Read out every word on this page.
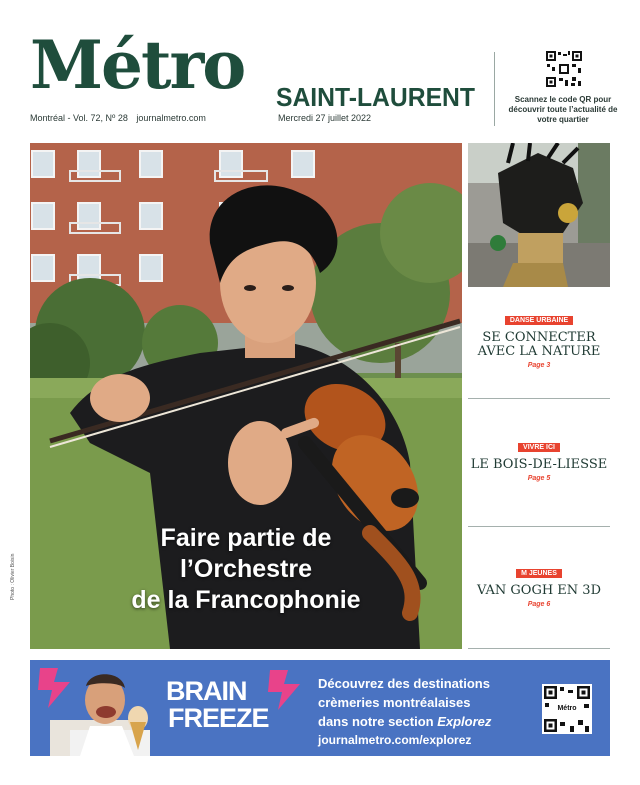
Métro SAINT-LAURENT
Montréal - Vol. 72, Nº 28 journalmetro.com	Mercredi 27 juillet 2022
Scannez le code QR pour découvrir toute l’actualité de votre quartier
Faire partie de
l’Orchestre
de la Francophonie
Photo : Olivier Boisin
DANSE URBAINE
SE CONNECTER AVEC LA NATURE
Page 3
VIVRE ICI
LE BOIS-DE-LIESSE
Page 5
M JEUNES
VAN GOGH EN 3D
Page 6
BRAIN
FREEZE
Découvrez des destinations
crèmeries montréalaises
dans notre section Explorez
journalmetro.com/explorez
Métro
